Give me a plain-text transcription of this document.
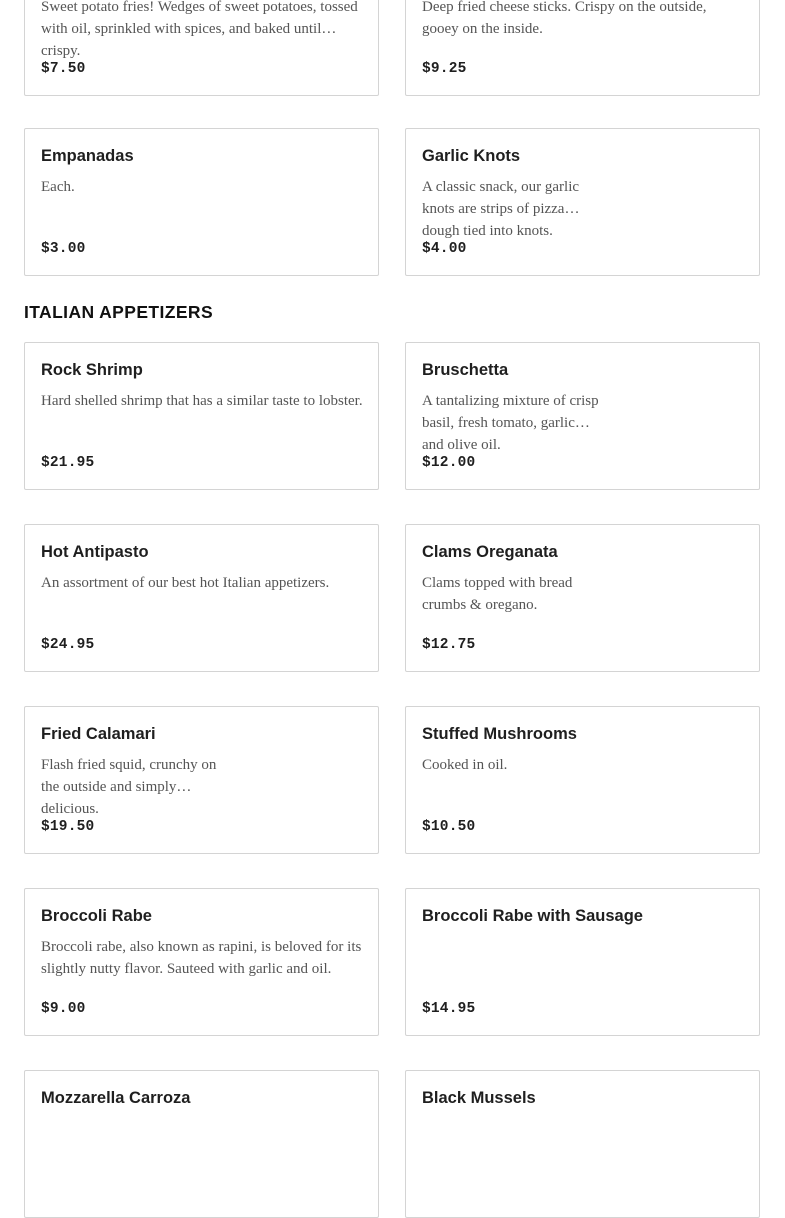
Sweet potato fries! Wedges of sweet potatoes, tossed with oil, sprinkled with spices, and baked until crispy.
$7.50
Deep fried cheese sticks. Crispy on the outside, gooey on the inside.
$9.25
Empanadas
Each.
$3.00
Garlic Knots
A classic snack, our garlic knots are strips of pizza dough tied into knots.
$4.00
ITALIAN APPETIZERS
Rock Shrimp
Hard shelled shrimp that has a similar taste to lobster.
$21.95
Bruschetta
A tantalizing mixture of crisp basil, fresh tomato, garlic and olive oil.
$12.00
Hot Antipasto
An assortment of our best hot Italian appetizers.
$24.95
Clams Oreganata
Clams topped with bread crumbs & oregano.
$12.75
Fried Calamari
Flash fried squid, crunchy on the outside and simply delicious.
$19.50
Stuffed Mushrooms
Cooked in oil.
$10.50
Broccoli Rabe
Broccoli rabe, also known as rapini, is beloved for its slightly nutty flavor. Sauteed with garlic and oil.
$9.00
Broccoli Rabe with Sausage
$14.95
Mozzarella Carroza	Black Mussels
